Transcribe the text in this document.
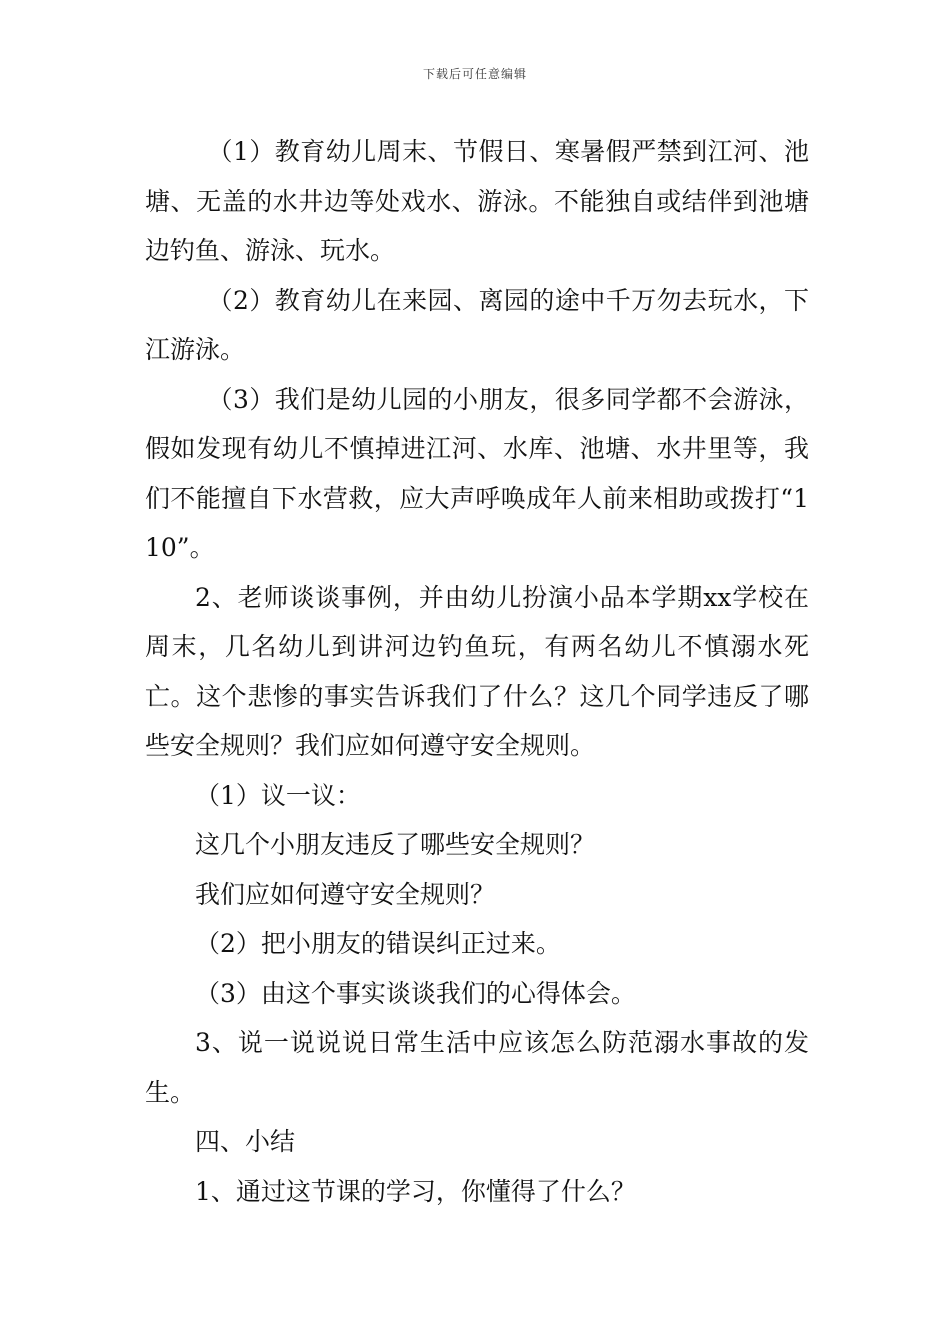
下载后可任意编辑

（1）教育幼儿周末、节假日、寒暑假严禁到江河、池塘、无盖的水井边等处戏水、游泳。不能独自或结伴到池塘边钓鱼、游泳、玩水。

（2）教育幼儿在来园、离园的途中千万勿去玩水，下江游泳。

（3）我们是幼儿园的小朋友，很多同学都不会游泳，假如发现有幼儿不慎掉进江河、水库、池塘、水井里等，我们不能擅自下水营救，应大声呼唤成年人前来相助或拨打“110”。

2、老师谈谈事例，并由幼儿扮演小品本学期xx学校在周末，几名幼儿到讲河边钓鱼玩，有两名幼儿不慎溺水死亡。这个悲惨的事实告诉我们了什么？这几个同学违反了哪些安全规则？我们应如何遵守安全规则。

（1）议一议：

这几个小朋友违反了哪些安全规则？

我们应如何遵守安全规则？

（2）把小朋友的错误纠正过来。

（3）由这个事实谈谈我们的心得体会。

3、说一说说说日常生活中应该怎么防范溺水事故的发生。

四、小结

1、通过这节课的学习，你懂得了什么？
